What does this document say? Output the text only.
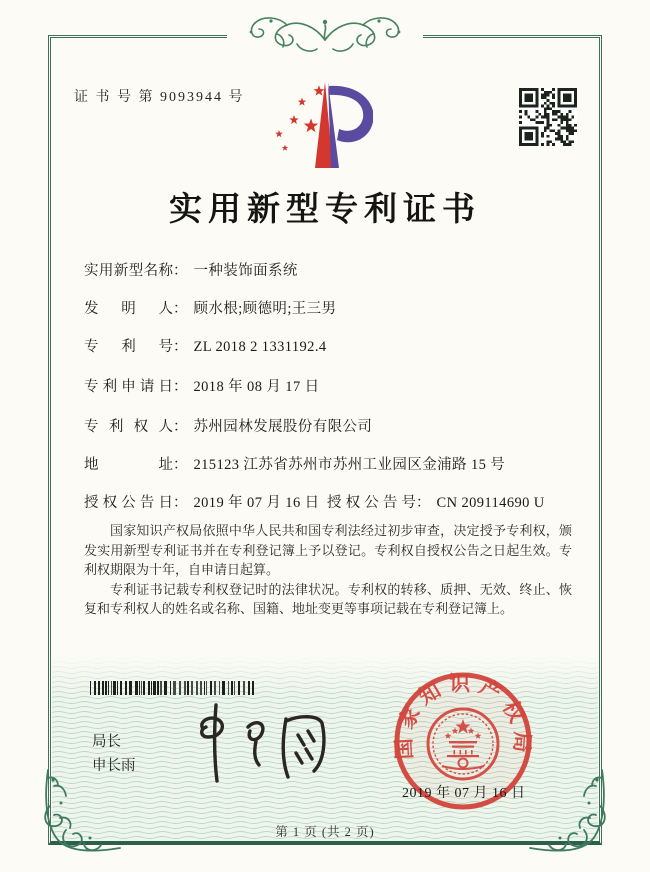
证 书 号 第 9093944 号
实用新型专利证书
实用新型名称： 一种装饰面系统
发明人： 顾水根;顾德明;王三男
专利号： ZL 2018 2 1331192.4
专利申请日： 2018 年 08 月 17 日
专利权人： 苏州园林发展股份有限公司
地址： 215123 江苏省苏州市苏州工业园区金浦路 15 号
授权公告日： 2019 年 07 月 16 日 授权公告号： CN 209114690 U

国家知识产权局依照中华人民共和国专利法经过初步审查，决定授予专利权，颁发实用新型专利证书并在专利登记簿上予以登记。专利权自授权公告之日起生效。专利权期限为十年，自申请日起算。

专利证书记载专利权登记时的法律状况。专利权的转移、质押、无效、终止、恢复和专利权人的姓名或名称、国籍、地址变更等事项记载在专利登记簿上。

局长
申长雨
国家知识产权局
2019 年 07 月 16 日
第 1 页 (共 2 页)
